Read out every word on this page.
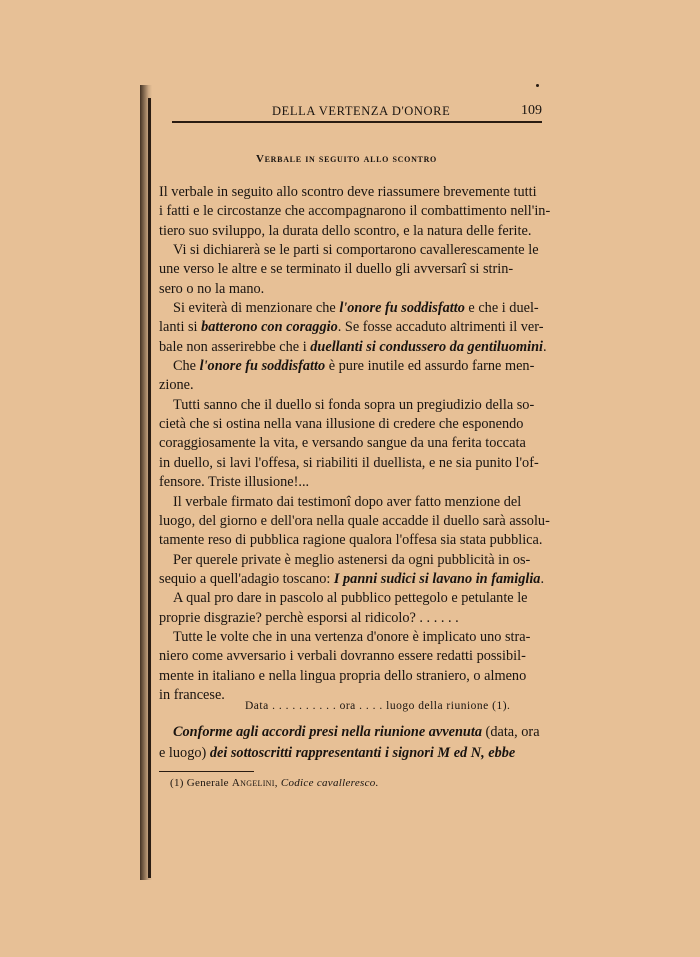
DELLA VERTENZA D'ONORE	109
Verbale in seguito allo scontro
Il verbale in seguito allo scontro deve riassumere brevemente tutti
i fatti e le circostanze che accompagnarono il combattimento nell'in-
tiero suo sviluppo, la durata dello scontro, e la natura delle ferite.
Vi si dichiarerà se le parti si comportarono cavallerescamente le
une verso le altre e se terminato il duello gli avversarî si strin-
sero o no la mano.
Si eviterà di menzionare che l'onore fu soddisfatto e che i duel-
lanti si batterono con coraggio. Se fosse accaduto altrimenti il ver-
bale non asserirebbe che i duellanti si condussero da gentiluomini.
Che l'onore fu soddisfatto è pure inutile ed assurdo farne men-
zione.
Tutti sanno che il duello si fonda sopra un pregiudizio della so-
cietà che si ostina nella vana illusione di credere che esponendo
coraggiosamente la vita, e versando sangue da una ferita toccata
in duello, si lavi l'offesa, si riabiliti il duellista, e ne sia punito l'of-
fensore. Triste illusione!...
Il verbale firmato dai testimonî dopo aver fatto menzione del
luogo, del giorno e dell'ora nella quale accadde il duello sarà assolu-
tamente reso di pubblica ragione qualora l'offesa sia stata pubblica.
Per querele private è meglio astenersi da ogni pubblicità in os-
sequio a quell'adagio toscano: I panni sudici si lavano in famiglia.
A qual pro dare in pascolo al pubblico pettegolo e petulante le
proprie disgrazie? perchè esporsi al ridicolo? . . . . . .
Tutte le volte che in una vertenza d'onore è implicato uno stra-
niero come avversario i verbali dovranno essere redatti possibil-
mente in italiano e nella lingua propria dello straniero, o almeno
in francese.
Data . . . . . . . . . . ora . . . . luogo della riunione (1).
Conforme agli accordi presi nella riunione avvenuta (data, ora
e luogo) dei sottoscritti rappresentanti i signori M ed N, ebbe
(1) Generale Angelini, Codice cavalleresco.
